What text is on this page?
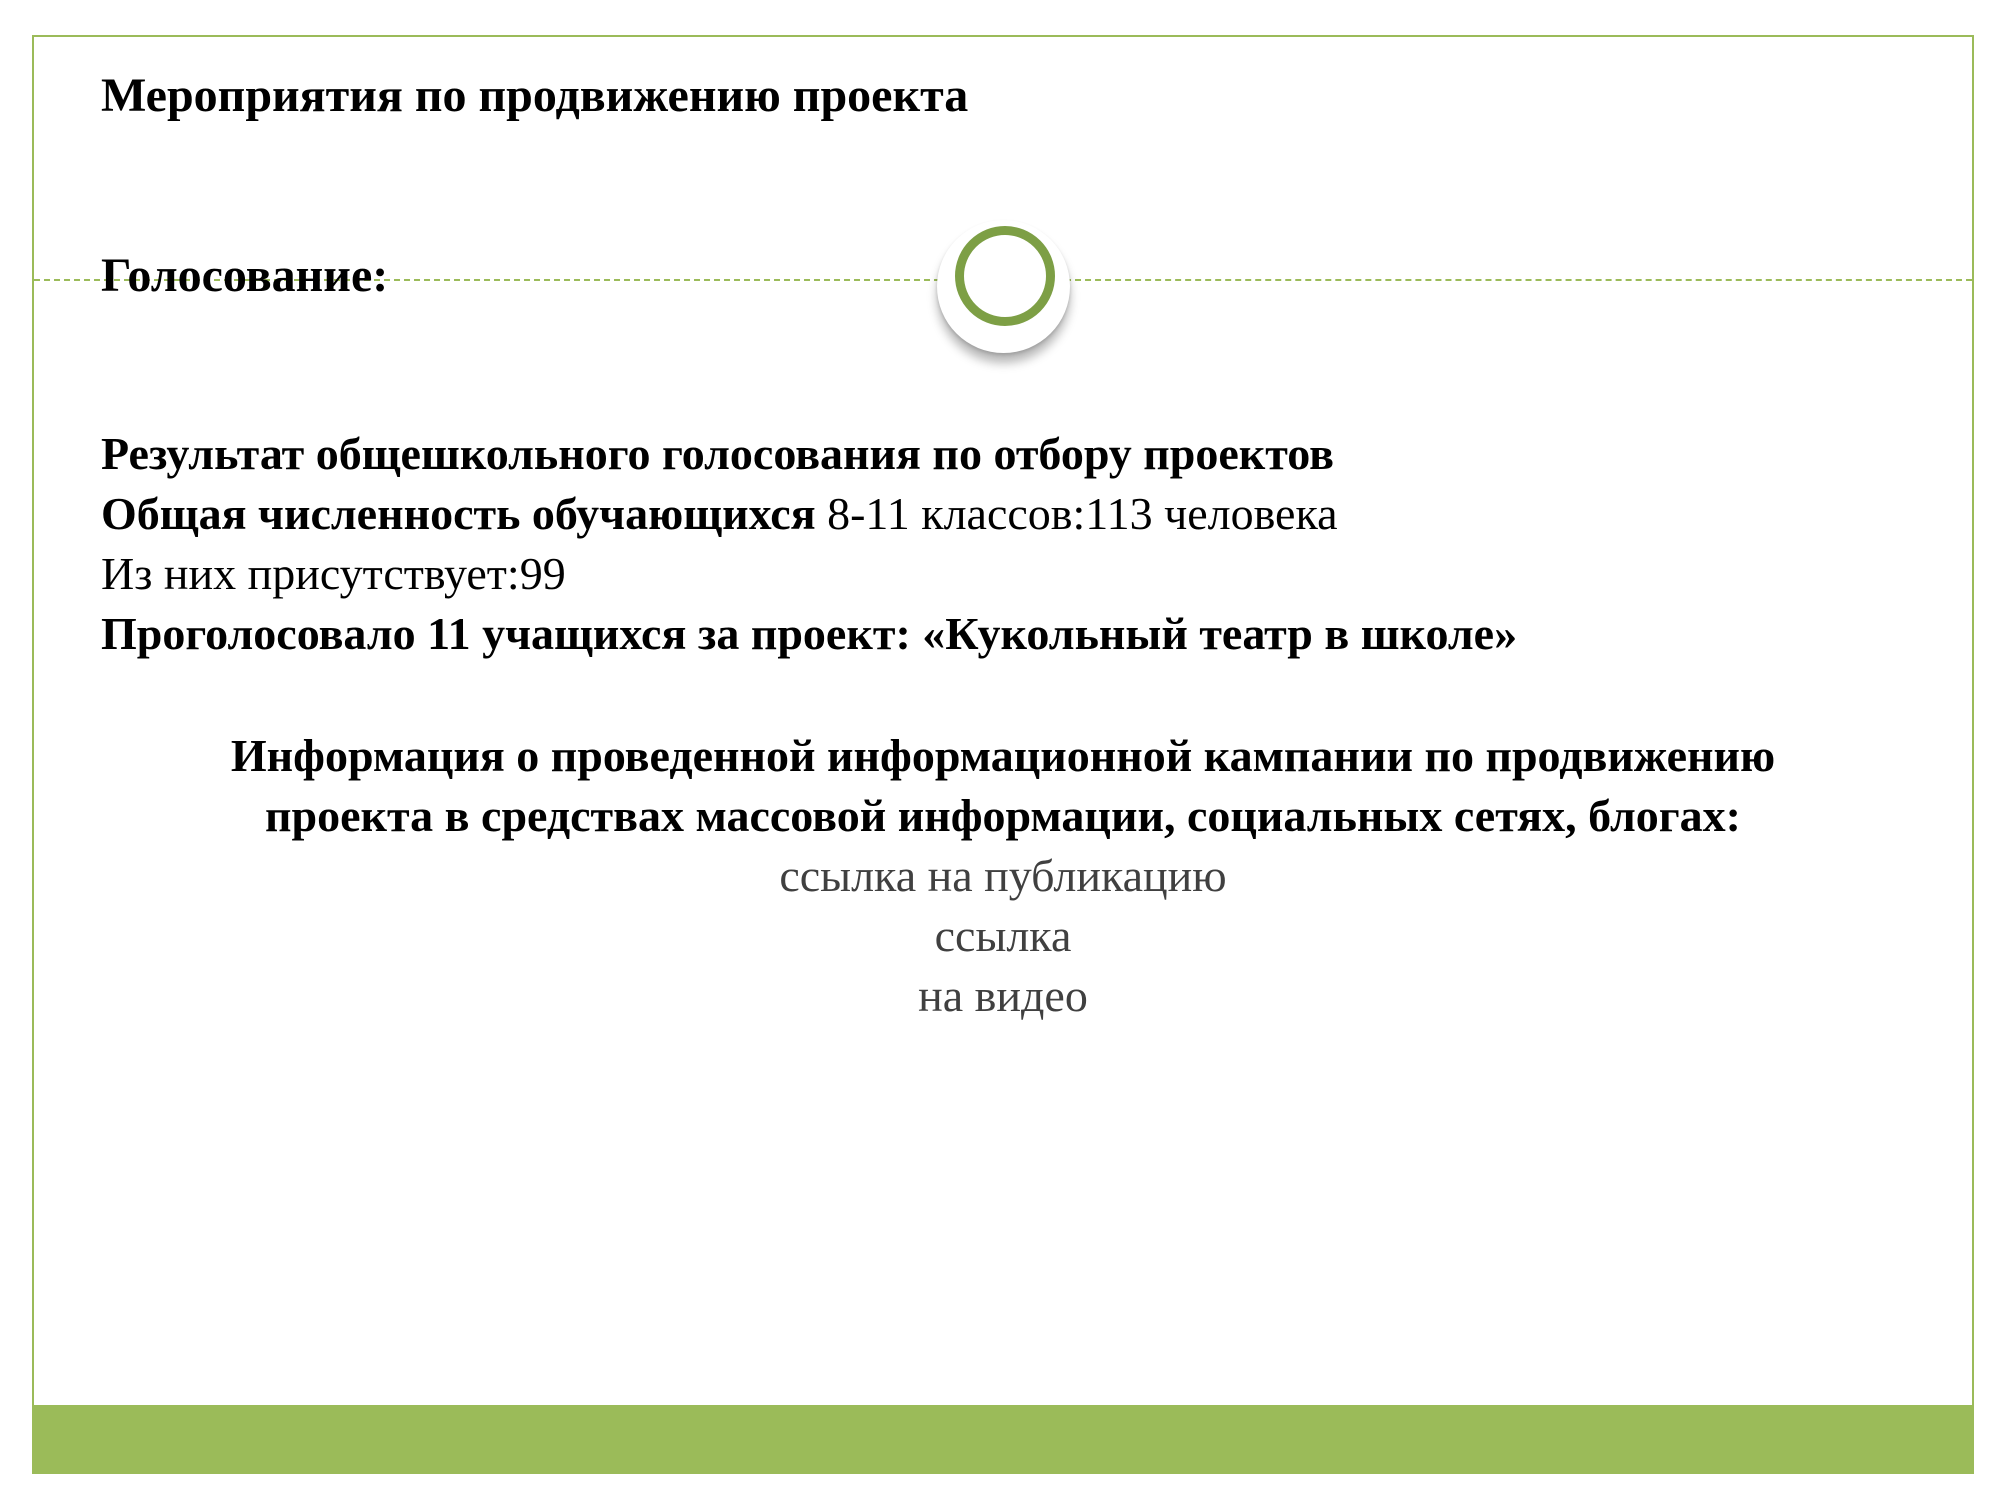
Мероприятия по продвижению проекта
Голосование:
Результат общешкольного голосования по отбору проектов
Общая численность обучающихся 8-11 классов:113 человека
Из них присутствует:99
Проголосовало 11 учащихся за проект: «Кукольный театр в школе»
Информация о проведенной информационной кампании по продвижению
проекта в средствах массовой информации, социальных сетях, блогах:
ссылка на публикацию
ссылка
на видео
